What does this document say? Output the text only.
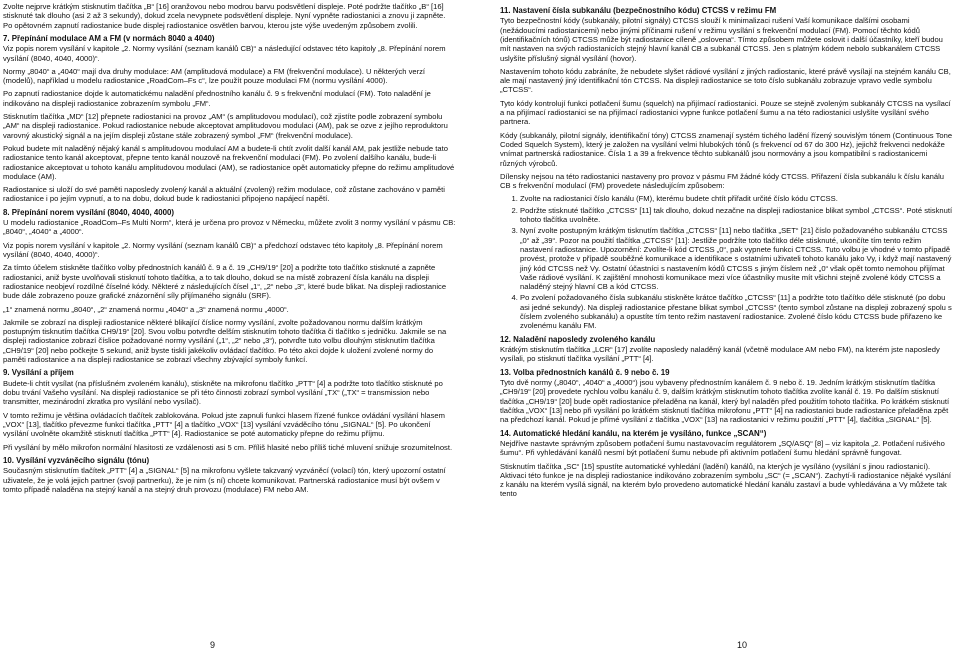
Zvolte nejprve krátkým stisknutím tlačítka „B“ [16] oranžovou nebo modrou barvu podsvětlení displeje. Poté podržte tlačítko „B“ [16] stisknuté tak dlouho (asi 2 až 3 sekundy), dokud zcela nevypnete podsvětlení displeje. Nyní vypněte radiostanici a znovu ji zapněte. Po opětovném zapnutí radiostanice bude displej radiostanice osvětlen barvou, kterou jste výše uvedeným způsobem zvolili.

7. Přepínání modulace AM a FM (v normách 8040 a 4040)

Viz popis norem vysílání v kapitole „2. Normy vysílání (seznam kanálů CB)“ a následující odstavec této kapitoly „8. Přepínání norem vysílání (8040, 4040, 4000)“.

Normy „8040“ a „4040“ mají dva druhy modulace: AM (amplitudová modulace) a FM (frekvenční modulace). U některých verzí (modelů), například u modelu radiostanice „RoadCom–Fs c“, lze použít pouze modulaci FM (normu vysílání 4000).

Po zapnutí radiostanice dojde k automatickému naladění přednostního kanálu č. 9 s frekvenční modulací (FM). Toto naladění je indikováno na displeji radiostanice zobrazením symbolu „FM“.

Stisknutím tlačítka „MD“ [12] přepnete radiostanici na provoz „AM“ (s amplitudovou modulací), což zjistíte podle zobrazení symbolu „AM“ na displeji radiostanice. Pokud radiostanice nebude akceptovat amplitudovou modulaci (AM), pak se ozve z jejího reproduktoru varovný akustický signál a na jejím displeji zůstane stále zobrazený symbol „FM“ (frekvenční modulace).

Pokud budete mít naladěný nějaký kanál s amplitudovou modulací AM a budete-li chtít zvolit další kanál AM, pak jestliže nebude tato radiostanice tento kanál akceptovat, přepne tento kanál nouzově na frekvenční modulaci (FM). Po zvolení dalšího kanálu, bude-li radiostanice akceptovat u tohoto kanálu amplitudovou modulaci (AM), se radiostanice opět automaticky přepne do režimu amplitudové modulace (AM).

Radiostanice si uloží do své paměti naposledy zvolený kanál a aktuální (zvolený) režim modulace, což zůstane zachováno v paměti radiostanice i po jejím vypnutí, a to na dobu, dokud bude k radiostanici připojeno napájecí napětí.

8. Přepínání norem vysílání (8040, 4040, 4000)

U modelu radiostanice „RoadCom–Fs Multi Norm“, která je určena pro provoz v Německu, můžete zvolit 3 normy vysílání v pásmu CB: „8040“, „4040“ a „4000“.

Viz popis norem vysílání v kapitole „2. Normy vysílání (seznam kanálů CB)“ a předchozí odstavec této kapitoly „8. Přepínání norem vysílání (8040, 4040, 4000)“.

Za tímto účelem stiskněte tlačítko volby přednostních kanálů č. 9 a č. 19 „CH9/19“ [20] a podržte toto tlačítko stisknuté a zapněte radiostanici, aniž byste uvolňovali stisknutí tohoto tlačítka, a to tak dlouho, dokud se na místě zobrazení čísla kanálu na displeji radiostanice neobjeví rozdílné číselné kódy. Některé z následujících čísel „1“, „2“ nebo „3“, které bude blikat. Na displeji radiostanice bude dále zobrazeno pouze grafické znázornění síly přijímaného signálu (SRF).

„1“ znamená normu „8040“, „2“ znamená normu „4040“ a „3“ znamená normu „4000“.

Jakmile se zobrazí na displeji radiostanice některé blikající číslice normy vysílání, zvolte požadovanou normu dalším krátkým postupným tisknutím tlačítka CH9/19“ [20]. Svou volbu potvrďte delším stisknutím tohoto tlačítka či tlačítko s jedničku. Jakmile se na displeji radiostanice zobrazí číslice požadované normy vysílání („1“, „2“ nebo „3“), potvrďte tuto volbu dlouhým stisknutím tlačítka „CH9/19“ [20] nebo počkejte 5 sekund, aniž byste tiskli jakékoliv ovládací tlačítko. Po této akci dojde k uložení zvolené normy do paměti radiostanice a na displeji radiostanice se zobrazí všechny zbývající symboly funkcí.

9. Vysílání a příjem

Budete-li chtít vysílat (na příslušném zvoleném kanálu), stiskněte na mikrofonu tlačítko „PTT“ [4] a podržte toto tlačítko stisknuté po dobu trvání Vašeho vysílání. Na displeji radiostanice se při této činnosti zobrazí symbol vysílání „TX“ („TX“ = transmission nebo transmitter, mezinárodní zkratka pro vysílání nebo vysílač).

V tomto režimu je většina ovládacích tlačítek zablokována. Pokud jste zapnuli funkci hlasem řízené funkce ovládání vysílání hlasem „VOX“ [13], tlačítko převezme funkci tlačítka „PTT“ [4] a tlačítko „VOX“ [13] vysílání vzváděcího tónu „SIGNAL“ [5]. Po ukončení vysílání uvolněte okamžitě stisknutí tlačítka „PTT“ [4]. Radiostanice se poté automaticky přepne do režimu příjmu.

Při vysílání by mělo mikrofon normální hlasitosti ze vzdálenosti asi 5 cm. Příliš hlasité nebo příliš tiché mluvení snižuje srozumitelnost.

10. Vysílání vyzváněcího signálu (tónu)

Současným stisknutím tlačítek „PTT“ [4] a „SIGNAL“ [5] na mikrofonu vyšlete takzvaný vyzváněcí (volací) tón, který upozorní ostatní uživatele, že je volá jejich partner (svoji partnerku), že je nim (s ní) chcete komunikovat. Partnerská radiostanice musí být ovšem v tomto případě naladěna na stejný kanál a na stejný druh provozu (modulace) FM nebo AM.

11. Nastavení čísla subkanálu (bezpečnostního kódu) CTCSS v režimu FM

Tyto bezpečnostní kódy (subkanály, pilotní signály) CTCSS slouží k minimalizaci rušení Vaší komunikace dalšími osobami (nežádoucími radiostanicemi) nebo jinými příčinami rušení v režimu vysílání s frekvenční modulací (FM). Pomocí těchto kódů (identifikačních tónů) CTCSS může být radiostanice cíleně „oslovena“. Tímto způsobem můžete oslovit i další účastníky, kteří budou mít nastaven na svých radiostanicích stejný hlavní kanál CB a subkanál CTCSS. Jen s platným kódem nebolo subkanálem CTCSS uslyšíte příslušný signál vysílání (hovor).

Nastavením tohoto kódu zabráníte, že nebudete slyšet rádiové vysílání z jiných radiostanic, které právě vysílají na stejném kanálu CB, ale mají nastavený jiný identifikační tón CTCSS. Na displeji radiostanice se toto číslo subkanálu zobrazuje vpravo vedle symbolu „CTCSS“.

Tyto kódy kontrolují funkci potlačení šumu (squelch) na přijímací radiostanici. Pouze se stejně zvoleným subkanály CTCSS na vysílací a na přijímací radiostanici se na přijímací radiostanici vypne funkce potlačení šumu a na této radiostanici uslyšíte vysílání svého partnera.

Kódy (subkanály, pilotní signály, identifikační tóny) CTCSS znamenají systém tichého ladění řízený souvislým tónem (Continuous Tone Coded Squelch System), který je založen na vysílání velmi hlubokých tónů (s frekvencí od 67 do 300 Hz), jejichž frekvenci nedokáže vnímat partnerská radiostanice. Čísla 1 a 39 a frekvence těchto subkanálů jsou normovány a jsou kompatibilní s radiostanicemi různých výrobců.

Dílensky nejsou na této radiostanici nastaveny pro provoz v pásmu FM žádné kódy CTCSS. Přiřazení čísla subkanálu k číslu kanálu CB s frekvenční modulací (FM) provedete následujícím způsobem:

1. Zvolte na radiostanici číslo kanálu (FM), kterému budete chtít přiřadit určité číslo kódu CTCSS.
2. Podržte stisknuté tlačítko „CTCSS“ [11] tak dlouho, dokud nezačne na displeji radiostanice blikat symbol „CTCSS“. Poté stisknutí tohoto tlačítka uvolněte.
3. Nyní zvolte postupným krátkým tisknutím tlačítka „CTCSS“ [11] nebo tlačítka „SET“ [21] číslo požadovaného subkanálu CTCSS „0“ až „39“. Pozor na použití tlačítka „CTCSS“ [11]: Jestliže podržíte toto tlačítko déle stisknuté, ukončíte tím tento režim nastavení radiostanice. Upozornění: Zvolíte-li kód CTCSS „0“, pak vypnete funkci CTCSS. Tuto volbu je vhodné v tomto případě provést, protože v případě souběžné komunikace a identifikace s ostatními uživateli tohoto kanálu jako Vy, i když mají nastavený jiný kód CTCSS než Vy. Ostatní účastníci s nastavením kódů CTCSS s jiným číslem než „0“ však opět tomto nemohou přijímat Vaše rádiové vysílání. K zajištění mnohosti komunikace mezi více účastníky musíte mít všichni stejně zvolené kódy CTCSS a naladěný stejný hlavní CB a kód CTCSS.
4. Po zvolení požadovaného čísla subkanálu stiskněte krátce tlačítko „CTCSS“ [11] a podržte toto tlačítko déle stisknuté (po dobu asi jedné sekundy). Na displeji radiostanice přestane blikat symbol „CTCSS“ (tento symbol zůstane na displeji zobrazený spolu s číslem zvoleného subkanálu) a opustíte tím tento režim nastavení radiostanice. Zvolené číslo kódu CTCSS bude přiřazeno ke zvolenému kanálu FM.
12. Naladění naposledy zvoleného kanálu

Krátkým stisknutím tlačítka „LCR“ [17] zvolíte naposledy naladěný kanál (včetně modulace AM nebo FM), na kterém jste naposledy vysílali, po stisknutí tlačítka vysílání „PTT“ [4].

13. Volba přednostních kanálů č. 9 nebo č. 19

Tyto dvě normy („8040“, „4040“ a „4000“) jsou vybaveny přednostním kanálem č. 9 nebo č. 19. Jedním krátkým stisknutím tlačítka „CH9/19“ [20] provedete rychlou volbu kanálu č. 9, dalším krátkým stisknutím tohoto tlačítka zvolíte kanál č. 19. Po dalším stisknutí tlačítka „CH9/19“ [20] bude opět radiostanice přeladěna na kanál, který byl naladěn před použitím tohoto tlačítka. Po krátkém stisknutí tlačítka „VOX“ [13] nebo při vysílání po krátkém stisknutí tlačítka mikrofonu „PTT“ [4] na radiostanici bude radiostanice přeladěna zpět na předchozí kanál. Pokud je přímé vysílání z tlačítka „VOX“ [13] na radiostanici v režimu použití „PTT“ [4], tlačítka „SIGNAL“ [5].

14. Automatické hledání kanálu, na kterém je vysíláno, funkce „SCAN“)

Nejdříve nastavte správným způsobem potlačení šumu nastavovacím regulátorem „SQ/ASQ“ [8] – viz kapitola „2. Potlačení rušivého šumu“. Při vyhledávání kanálů nesmí být potlačení šumu nebude při aktivním potlačení šumu hledání správně fungovat.

Stisknutím tlačítka „SC“ [15] spustíte automatické vyhledání (ladění) kanálů, na kterých je vysíláno (vysílání s jinou radiostanicí). Aktivaci této funkce je na displeji radiostanice indikováno zobrazením symbolu „SC“ (= „SCAN“). Zachytí-li radiostanice nějaké vysílání z kanálu na kterém vysílá signál, na kterém bylo provedeno automatické hledání kanálu zastaví a bude vyhledávána a Vy můžete tak tento

9	10
